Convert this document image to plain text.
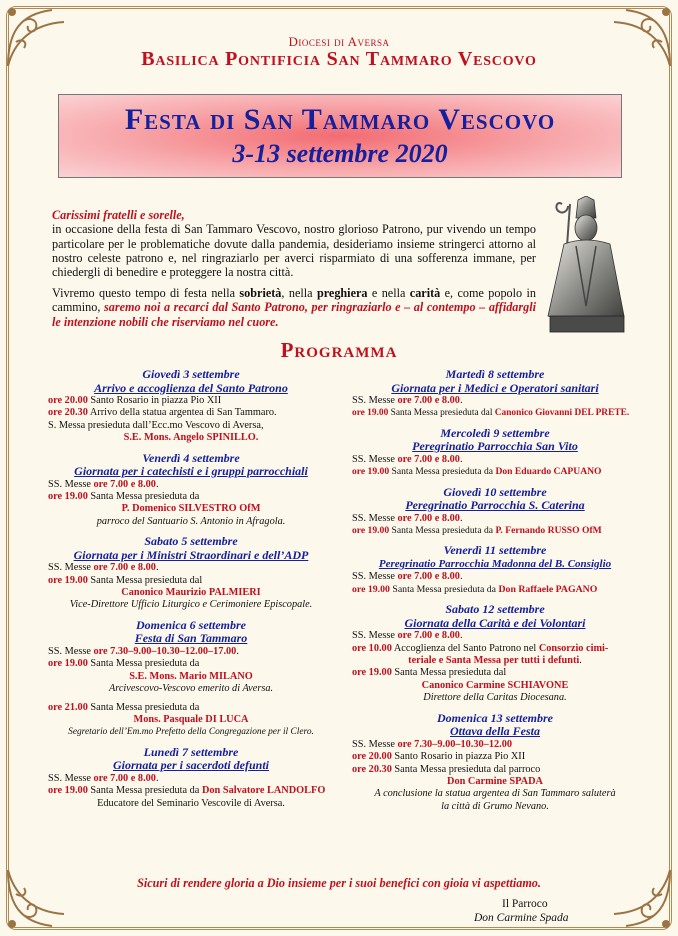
Diocesi di Aversa
Basilica Pontificia San Tammaro Vescovo
Festa di San Tammaro Vescovo
3-13 settembre 2020

Carissimi fratelli e sorelle,

in occasione della festa di San Tammaro Vescovo, nostro glorioso Patrono, pur vivendo un tempo particolare per le problematiche dovute dalla pandemia, desideriamo insieme stringerci attorno al nostro celeste patrono e, nel ringraziarlo per averci risparmiato di una sofferenza immane, per chiedergli di benedire e proteggere la nostra città.

Vivremo questo tempo di festa nella sobrietà, nella preghiera e nella carità e, come popolo in cammino, saremo noi a recarci dal Santo Patrono, per ringraziarlo e – al contempo – affidargli le intenzione nobili che riserviamo nel cuore.
Programma
Giovedì 3 settembre
Arrivo e accoglienza del Santo Patrono
ore 20.00 Santo Rosario in piazza Pio XII
ore 20.30 Arrivo della statua argentea di San Tammaro.
S. Messa presieduta dall’Ecc.mo Vescovo di Aversa,
S.E. Mons. Angelo SPINILLO.
Venerdì 4 settembre
Giornata per i catechisti e i gruppi parrocchiali
SS. Messe ore 7.00 e 8.00.
ore 19.00 Santa Messa presieduta da
P. Domenico SILVESTRO OfM
parroco del Santuario S. Antonio in Afragola.
Sabato 5 settembre
Giornata per i Ministri Straordinari e dell’ADP
SS. Messe ore 7.00 e 8.00.
ore 19.00 Santa Messa presieduta dal
Canonico Maurizio PALMIERI
Vice-Direttore Ufficio Liturgico e Cerimoniere Episcopale.
Domenica 6 settembre
Festa di San Tammaro
SS. Messe ore 7.30–9.00–10.30–12.00–17.00.
ore 19.00 Santa Messa presieduta da
S.E. Mons. Mario MILANO
Arcivescovo-Vescovo emerito di Aversa.
ore 21.00 Santa Messa presieduta da
Mons. Pasquale DI LUCA
Segretario dell’Em.mo Prefetto della Congregazione per il Clero.
Lunedì 7 settembre
Giornata per i sacerdoti defunti
SS. Messe ore 7.00 e 8.00.
ore 19.00 Santa Messa presieduta da Don Salvatore LANDOLFO
Educatore del Seminario Vescovile di Aversa.
Martedì 8 settembre
Giornata per i Medici e Operatori sanitari
SS. Messe ore 7.00 e 8.00.
ore 19.00 Santa Messa presieduta dal Canonico Giovanni DEL PRETE.
Mercoledì 9 settembre
Peregrinatio Parrocchia San Vito
SS. Messe ore 7.00 e 8.00.
ore 19.00 Santa Messa presieduta da Don Eduardo CAPUANO
Giovedì 10 settembre
Peregrinatio Parrocchia S. Caterina
SS. Messe ore 7.00 e 8.00.
ore 19.00 Santa Messa presieduta da P. Fernando RUSSO OfM
Venerdì 11 settembre
Peregrinatio Parrocchia Madonna del B. Consiglio
SS. Messe ore 7.00 e 8.00.
ore 19.00 Santa Messa presieduta da Don Raffaele PAGANO
Sabato 12 settembre
Giornata della Carità e dei Volontari
SS. Messe ore 7.00 e 8.00.
ore 10.00 Accoglienza del Santo Patrono nel Consorzio cimi-
teriale e Santa Messa per tutti i defunti.
ore 19.00 Santa Messa presieduta dal
Canonico Carmine SCHIAVONE
Direttore della Caritas Diocesana.
Domenica 13 settembre
Ottava della Festa
SS. Messe ore 7.30–9.00–10.30–12.00
ore 20.00 Santo Rosario in piazza Pio XII
ore 20.30 Santa Messa presieduta dal parroco
Don Carmine SPADA
A conclusione la statua argentea di San Tammaro saluterà
la città di Grumo Nevano.
Sicuri di rendere gloria a Dio insieme per i suoi benefici con gioia vi aspettiamo.
Il Parroco
Don Carmine Spada
